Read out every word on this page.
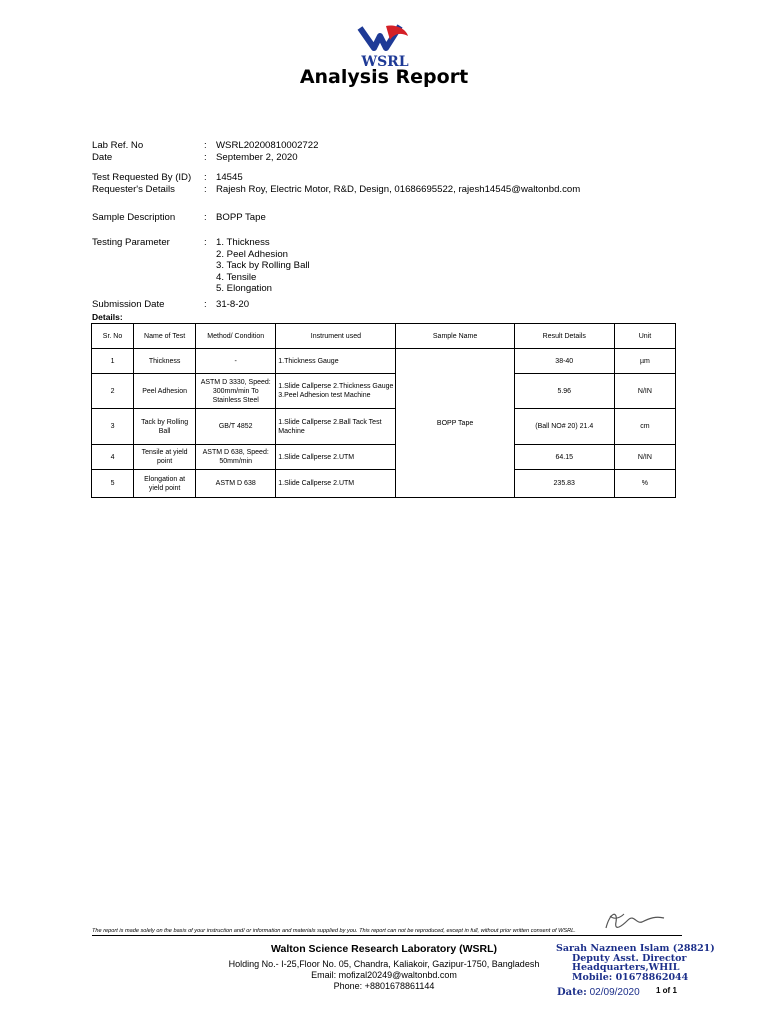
WSRL
Analysis Report
Lab Ref. No	: WSRL20200810002722
Date	: September 2, 2020
Test Requested By (ID)	: 14545
Requester's Details	: Rajesh Roy, Electric Motor, R&D, Design, 01686695522, rajesh14545@waltonbd.com
Sample Description	: BOPP Tape
Testing Parameter	: 1. Thickness
2. Peel Adhesion
3. Tack by Rolling Ball
4. Tensile
5. Elongation
Submission Date	: 31-8-20
Details:
Sr. No	Name of Test	Method/ Condition	Instrument used	Sample Name	Result Details	Unit
1	Thickness	-	1.Thickness Gauge	BOPP Tape	38-40	µm
2	Peel Adhesion	ASTM D 3330, Speed: 300mm/min To Stainless Steel	1.Slide Callperse 2.Thickness Gauge 3.Peel Adhesion test Machine		5.96	N/IN
3	Tack by Rolling Ball	GB/T 4852	1.Slide Callperse 2.Ball Tack Test Machine		(Ball NO# 20) 21.4	cm
4	Tensile at yield point	ASTM D 638, Speed: 50mm/min	1.Slide Callperse 2.UTM		64.15	N/IN
5	Elongation at yield point	ASTM D 638	1.Slide Callperse 2.UTM		235.83	%
The report is made solely on the basis of your instruction and/ or information and materials supplied by you. This report can not be reproduced, except in full, without prior written consent of WSRL.
Walton Science Research Laboratory (WSRL)
Holding No.- I-25,Floor No. 05, Chandra, Kaliakoir, Gazipur-1750, Bangladesh
Email: mofizal20249@waltonbd.com
Phone: +8801678861144
Sarah Nazneen Islam (28821)
Deputy Asst. Director
Headquarters,WHIL
Mobile: 01678862044
Date: 02/09/2020 1 of 1
